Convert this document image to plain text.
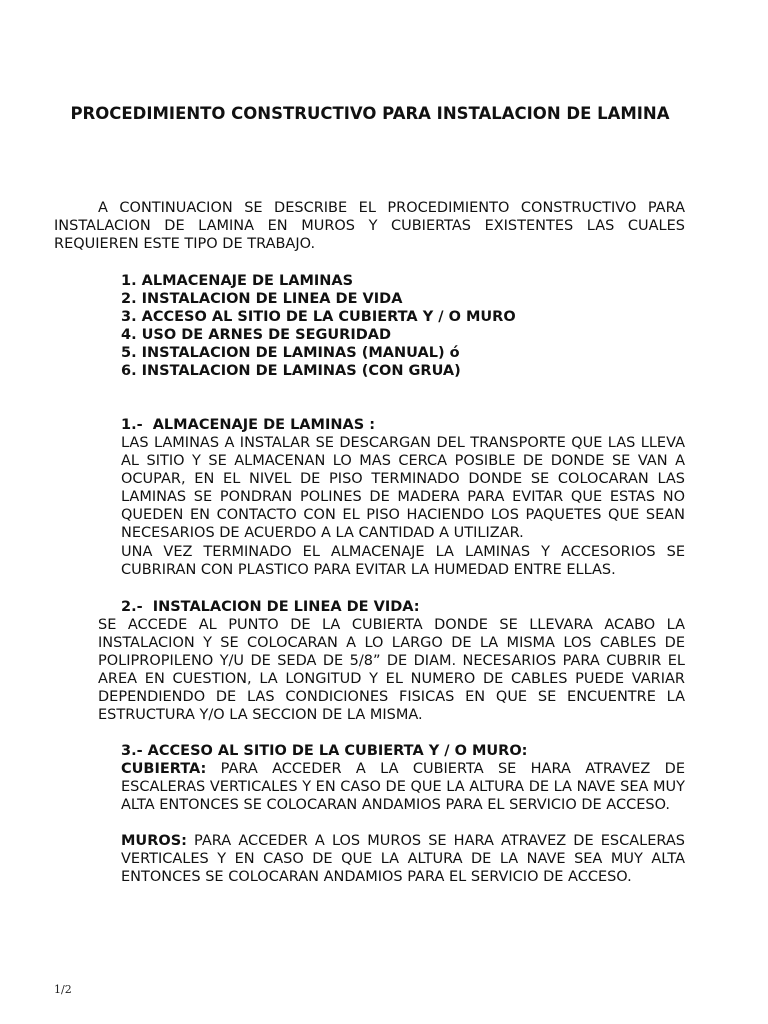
PROCEDIMIENTO CONSTRUCTIVO PARA INSTALACION DE LAMINA

A CONTINUACION SE DESCRIBE EL PROCEDIMIENTO CONSTRUCTIVO PARA INSTALACION DE LAMINA EN MUROS Y CUBIERTAS EXISTENTES LAS CUALES REQUIEREN ESTE TIPO DE TRABAJO.

1. ALMACENAJE DE LAMINAS
2. INSTALACION DE LINEA DE VIDA
3. ACCESO AL SITIO DE LA CUBIERTA Y / O MURO
4. USO DE ARNES DE SEGURIDAD
5. INSTALACION DE LAMINAS (MANUAL) ó
6. INSTALACION DE LAMINAS (CON GRUA)

1.-  ALMACENAJE DE LAMINAS :

LAS LAMINAS A INSTALAR SE DESCARGAN DEL TRANSPORTE QUE LAS LLEVA AL SITIO Y SE ALMACENAN LO MAS CERCA POSIBLE DE DONDE SE VAN A OCUPAR, EN EL NIVEL DE PISO TERMINADO DONDE SE COLOCARAN LAS LAMINAS SE PONDRAN POLINES DE MADERA PARA EVITAR QUE ESTAS NO QUEDEN EN CONTACTO CON EL PISO HACIENDO LOS PAQUETES QUE SEAN NECESARIOS DE ACUERDO A LA CANTIDAD A UTILIZAR.

UNA VEZ TERMINADO EL ALMACENAJE LA LAMINAS Y ACCESORIOS SE CUBRIRAN CON PLASTICO PARA EVITAR LA HUMEDAD ENTRE ELLAS.

2.-  INSTALACION DE LINEA DE VIDA:

SE ACCEDE AL PUNTO DE LA CUBIERTA DONDE SE LLEVARA ACABO LA INSTALACION Y SE COLOCARAN A LO LARGO DE LA MISMA LOS CABLES DE POLIPROPILENO Y/U DE SEDA DE 5/8” DE DIAM. NECESARIOS PARA CUBRIR EL AREA EN CUESTION, LA LONGITUD Y EL NUMERO DE CABLES PUEDE VARIAR DEPENDIENDO DE LAS CONDICIONES FISICAS EN QUE SE ENCUENTRE LA ESTRUCTURA Y/O LA SECCION DE LA MISMA.

3.- ACCESO AL SITIO DE LA CUBIERTA Y / O MURO:

CUBIERTA: PARA ACCEDER A LA CUBIERTA SE HARA ATRAVEZ DE ESCALERAS VERTICALES Y EN CASO DE QUE LA ALTURA DE LA NAVE SEA MUY ALTA ENTONCES SE COLOCARAN ANDAMIOS PARA EL SERVICIO DE ACCESO.

MUROS: PARA ACCEDER A LOS MUROS SE HARA ATRAVEZ DE ESCALERAS VERTICALES Y EN CASO DE QUE LA ALTURA DE LA NAVE SEA MUY ALTA ENTONCES SE COLOCARAN ANDAMIOS PARA EL SERVICIO DE ACCESO.

1/2
